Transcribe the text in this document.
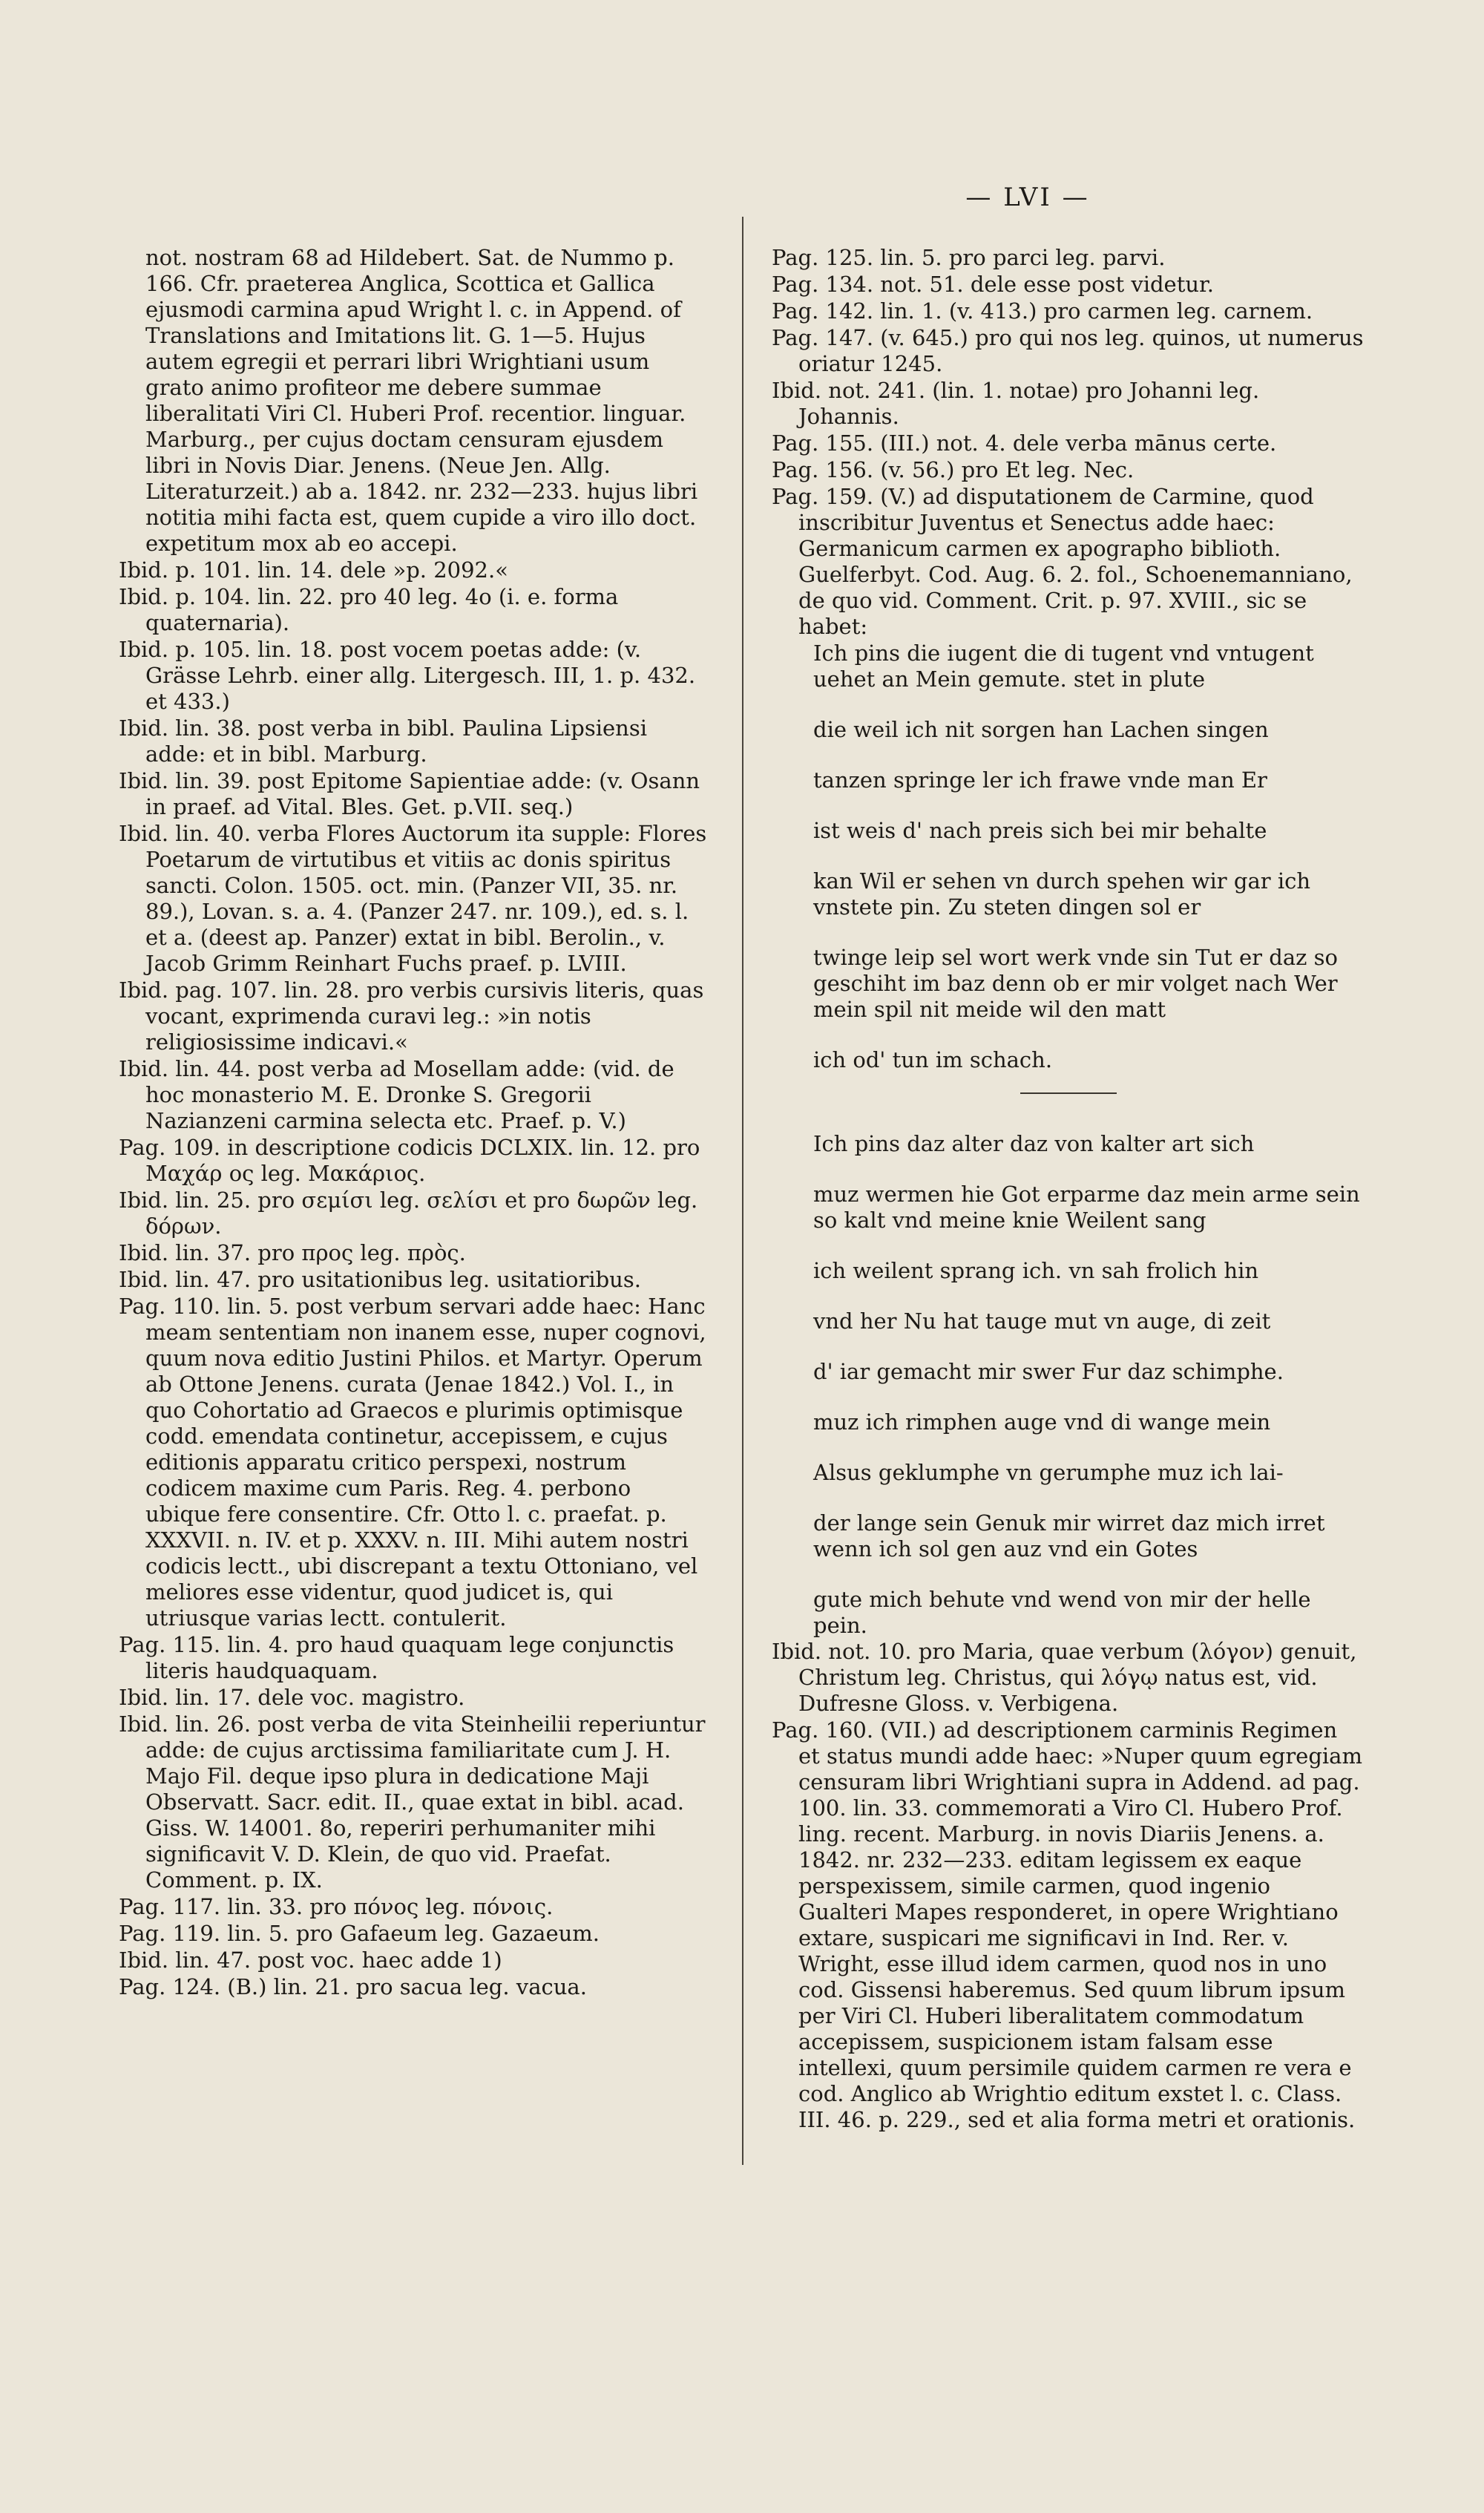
— LVI —
not. nostram 68 ad Hildebert. Sat. de Nummo p. 166. Cfr. praeterea Anglica, Scottica et Gallica ejusmodi carmina apud Wright l. c. in Append. of Translations and Imitations lit. G. 1—5. Hujus autem egregii et perrari libri Wrightiani usum grato animo profiteor me debere summae liberalitati Viri Cl. Huberi Prof. recentior. linguar. Marburg., per cujus doctam censuram ejusdem libri in Novis Diar. Jenens. (Neue Jen. Allg. Literaturzeit.) ab a. 1842. nr. 232—233. hujus libri notitia mihi facta est, quem cupide a viro illo doct. expetitum mox ab eo accepi.
Ibid. p. 101. lin. 14. dele »p. 2092.«
Ibid. p. 104. lin. 22. pro 40 leg. 4o (i. e. forma quaternaria).
Ibid. p. 105. lin. 18. post vocem poetas adde: (v. Grässe Lehrb. einer allg. Litergesch. III, 1. p. 432. et 433.)
Ibid. lin. 38. post verba in bibl. Paulina Lipsiensi adde: et in bibl. Marburg.
Ibid. lin. 39. post Epitome Sapientiae adde: (v. Osann in praef. ad Vital. Bles. Get. p.VII. seq.)
Ibid. lin. 40. verba Flores Auctorum ita supple: Flores Poetarum de virtutibus et vitiis ac donis spiritus sancti. Colon. 1505. oct. min. (Panzer VII, 35. nr. 89.), Lovan. s. a. 4. (Panzer 247. nr. 109.), ed. s. l. et a. (deest ap. Panzer) extat in bibl. Berolin., v. Jacob Grimm Reinhart Fuchs praef. p. LVIII.
Ibid. pag. 107. lin. 28. pro verbis cursivis literis, quas vocant, exprimenda curavi leg.: »in notis religiosissime indicavi.«
Ibid. lin. 44. post verba ad Mosellam adde: (vid. de hoc monasterio M. E. Dronke S. Gregorii Nazianzeni carmina selecta etc. Praef. p. V.)
Pag. 109. in descriptione codicis DCLXIX. lin. 12. pro Μαχάρ ος leg. Μακάριος.
Ibid. lin. 25. pro σεμίσι leg. σελίσι et pro δωρῶν leg. δόρων.
Ibid. lin. 37. pro προς leg. πρὸς.
Ibid. lin. 47. pro usitationibus leg. usitatioribus.
Pag. 110. lin. 5. post verbum servari adde haec: Hanc meam sententiam non inanem esse, nuper cognovi, quum nova editio Justini Philos. et Martyr. Operum ab Ottone Jenens. curata (Jenae 1842.) Vol. I., in quo Cohortatio ad Graecos e plurimis optimisque codd. emendata continetur, accepissem, e cujus editionis apparatu critico perspexi, nostrum codicem maxime cum Paris. Reg. 4. perbono ubique fere consentire. Cfr. Otto l. c. praefat. p. XXXVII. n. IV. et p. XXXV. n. III. Mihi autem nostri codicis lectt., ubi discrepant a textu Ottoniano, vel meliores esse videntur, quod judicet is, qui utriusque varias lectt. contulerit.
Pag. 115. lin. 4. pro haud quaquam lege conjunctis literis haudquaquam.
Ibid. lin. 17. dele voc. magistro.
Ibid. lin. 26. post verba de vita Steinheilii reperiuntur adde: de cujus arctissima familiaritate cum J. H. Majo Fil. deque ipso plura in dedicatione Maji Observatt. Sacr. edit. II., quae extat in bibl. acad. Giss. W. 14001. 8o, reperiri perhumaniter mihi significavit V. D. Klein, de quo vid. Praefat. Comment. p. IX.
Pag. 117. lin. 33. pro πόνος leg. πόνοις.
Pag. 119. lin. 5. pro Gafaeum leg. Gazaeum.
Ibid. lin. 47. post voc. haec adde 1)
Pag. 124. (B.) lin. 21. pro sacua leg. vacua.
Pag. 125. lin. 5. pro parci leg. parvi.
Pag. 134. not. 51. dele esse post videtur.
Pag. 142. lin. 1. (v. 413.) pro carmen leg. carnem.
Pag. 147. (v. 645.) pro qui nos leg. quinos, ut numerus oriatur 1245.
Ibid. not. 241. (lin. 1. notae) pro Johanni leg. Johannis.
Pag. 155. (III.) not. 4. dele verba mānus certe.
Pag. 156. (v. 56.) pro Et leg. Nec.
Pag. 159. (V.) ad disputationem de Carmine, quod inscribitur Juventus et Senectus adde haec: Germanicum carmen ex apographo biblioth. Guelferbyt. Cod. Aug. 6. 2. fol., Schoenemanniano, de quo vid. Comment. Crit. p. 97. XVIII., sic se habet:

Ich pins die iugent die di tugent vnd vntugent uehet an Mein gemute. stet in plute

die weil ich nit sorgen han Lachen singen

tanzen springe ler ich frawe vnde man Er

ist weis d' nach preis sich bei mir behalte

kan Wil er sehen vn durch spehen wir gar ich vnstete pin. Zu steten dingen sol er

twinge leip sel wort werk vnde sin Tut er daz so geschiht im baz denn ob er mir volget nach Wer mein spil nit meide wil den matt

ich od' tun im schach.

Ich pins daz alter daz von kalter art sich

muz wermen hie Got erparme daz mein arme sein so kalt vnd meine knie Weilent sang

ich weilent sprang ich. vn sah frolich hin

vnd her Nu hat tauge mut vn auge, di zeit

d' iar gemacht mir swer Fur daz schimphe.

muz ich rimphen auge vnd di wange mein

Alsus geklumphe vn gerumphe muz ich lai-

der lange sein Genuk mir wirret daz mich irret wenn ich sol gen auz vnd ein Gotes

gute mich behute vnd wend von mir der helle pein.

Ibid. not. 10. pro Maria, quae verbum (λόγον) genuit, Christum leg. Christus, qui λόγῳ natus est, vid. Dufresne Gloss. v. Verbigena.
Pag. 160. (VII.) ad descriptionem carminis Regimen et status mundi adde haec: »Nuper quum egregiam censuram libri Wrightiani supra in Addend. ad pag. 100. lin. 33. commemorati a Viro Cl. Hubero Prof. ling. recent. Marburg. in novis Diariis Jenens. a. 1842. nr. 232—233. editam legissem ex eaque perspexissem, simile carmen, quod ingenio Gualteri Mapes responderet, in opere Wrightiano extare, suspicari me significavi in Ind. Rer. v. Wright, esse illud idem carmen, quod nos in uno cod. Gissensi haberemus. Sed quum librum ipsum per Viri Cl. Huberi liberalitatem commodatum accepissem, suspicionem istam falsam esse intellexi, quum persimile quidem carmen re vera e cod. Anglico ab Wrightio editum exstet l. c. Class. III. 46. p. 229., sed et alia forma metri et orationis.
